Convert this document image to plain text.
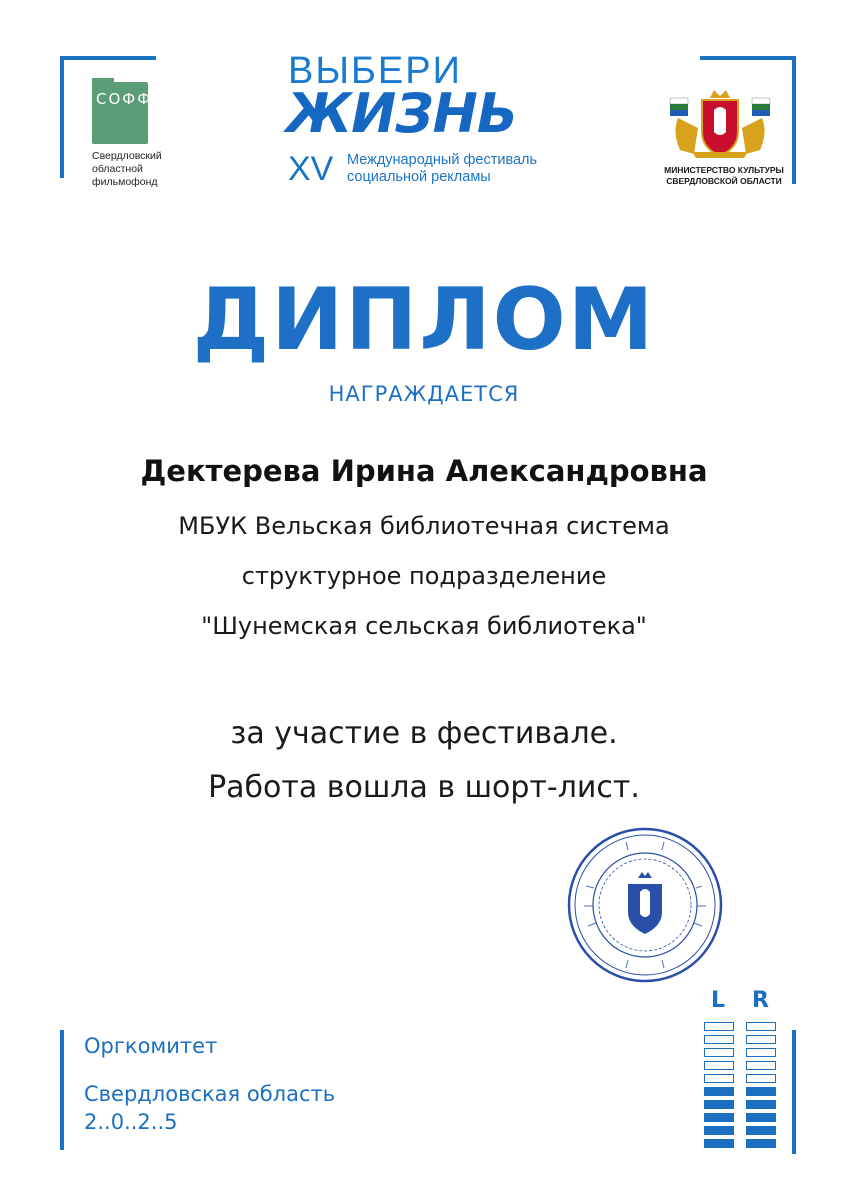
СОФФ
Свердловский
областной
фильмофонд
ВЫБЕРИ
ЖИЗНЬ
XV Международный фестиваль
социальной рекламы	МИНИСТЕРСТВО КУЛЬТУРЫ
СВЕРДЛОВСКОЙ ОБЛАСТИ
ДИПЛОМ
НАГРАЖДАЕТСЯ
Дектерева Ирина Александровна
МБУК Вельская библиотечная система
структурное подразделение
"Шунемская сельская библиотека"
за участие в фестивале.
Работа вошла в шорт-лист.
Оргкомитет
Свердловская область
2..0..2..5
L R
